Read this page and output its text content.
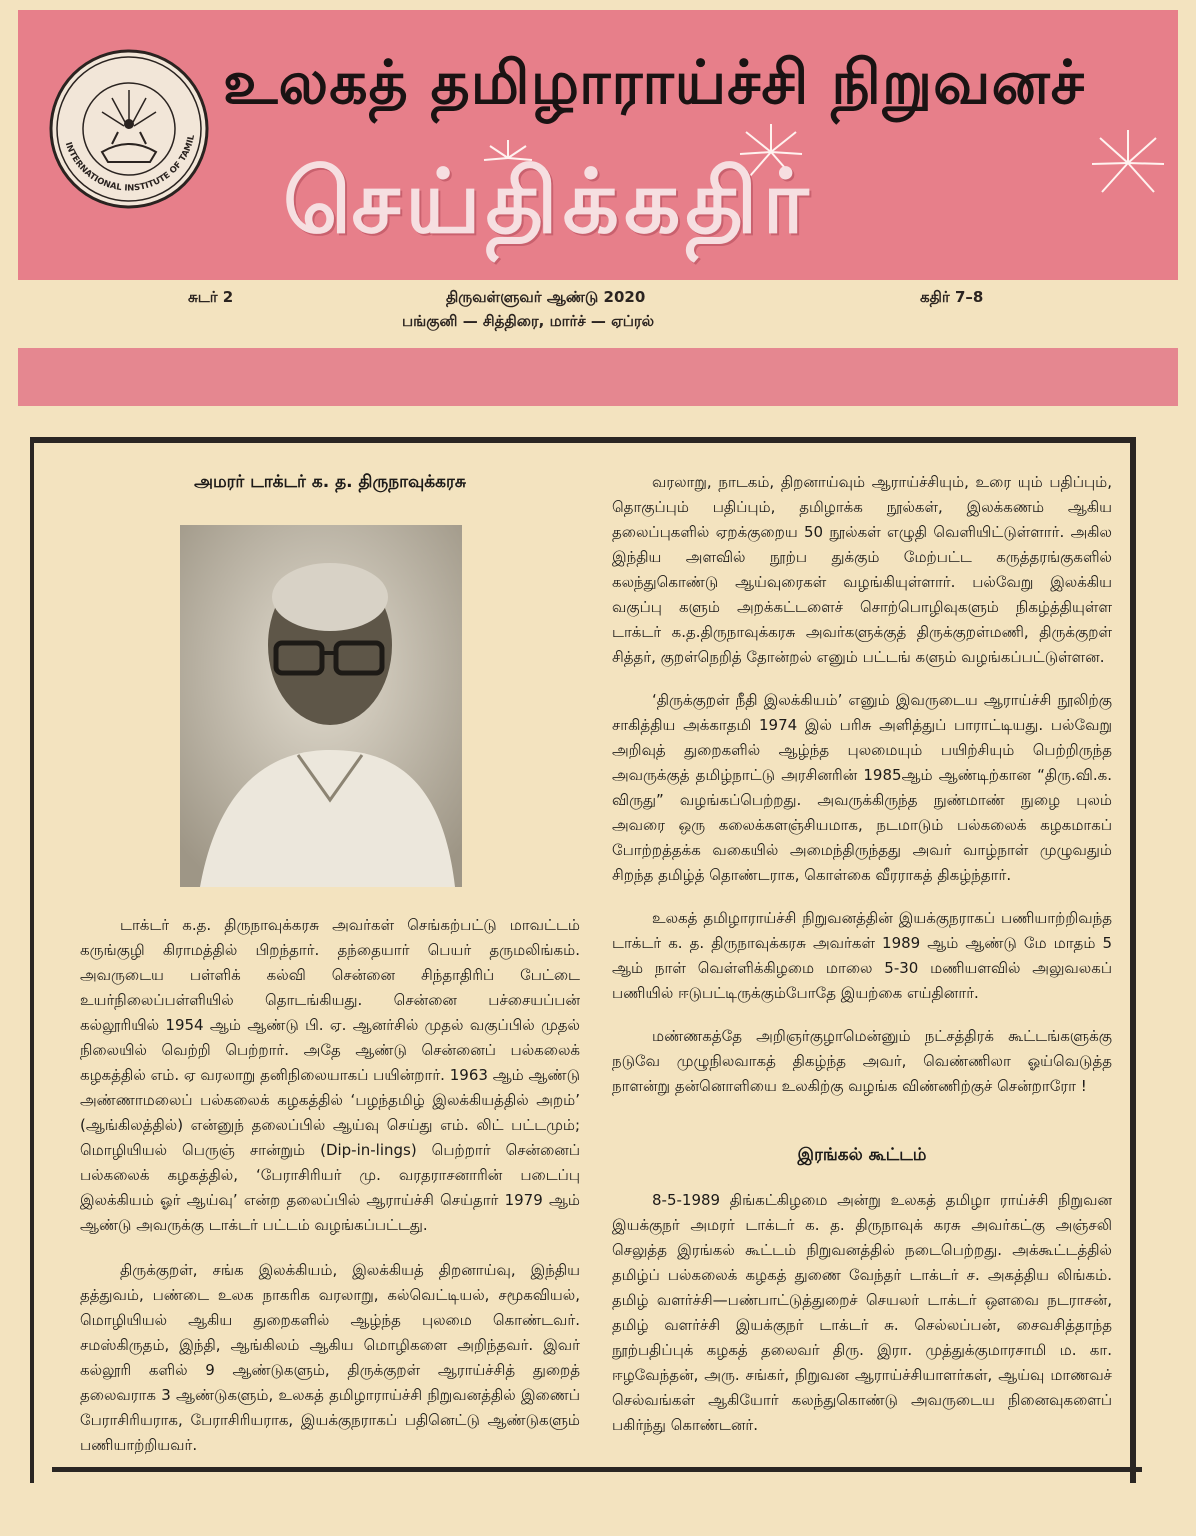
INTERNATIONAL INSTITUTE OF TAMIL
உலகத் தமிழாராய்ச்சி நிறுவனச்
செய்திக்கதிர்
சுடர் 2	திருவள்ளுவர் ஆண்டு 2020	கதிர் 7–8
பங்குனி — சித்திரை, மார்ச் — ஏப்ரல்
அமரர் டாக்டர் க. த. திருநாவுக்கரசு

டாக்டர் க.த. திருநாவுக்கரசு அவர்கள் செங்கற்பட்டு மாவட்டம் கருங்குழி கிராமத்தில் பிறந்தார். தந்தையார் பெயர் தருமலிங்கம். அவருடைய பள்ளிக் கல்வி சென்னை சிந்தாதிரிப் பேட்டை உயர்நிலைப்பள்ளியில் தொடங்கியது. சென்னை பச்சையப்பன் கல்லூரியில் 1954 ஆம் ஆண்டு பி. ஏ. ஆனர்சில் முதல் வகுப்பில் முதல் நிலையில் வெற்றி பெற்றார். அதே ஆண்டு சென்னைப் பல்கலைக் கழகத்தில் எம். ஏ வரலாறு தனிநிலையாகப் பயின்றார். 1963 ஆம் ஆண்டு அண்ணாமலைப் பல்கலைக் கழகத்தில் ‘பழந்தமிழ் இலக்கியத்தில் அறம்’ (ஆங்கிலத்தில்) என்னுந் தலைப்பில் ஆய்வு செய்து எம். லிட் பட்டமும்; மொழியியல் பெருஞ் சான்றும் (Dip-in-lings) பெற்றார் சென்னைப் பல்கலைக் கழகத்தில், ‘பேராசிரியர் மு. வரதராசனாரின் படைப்பு இலக்கியம் ஓர் ஆய்வு’ என்ற தலைப்பில் ஆராய்ச்சி செய்தார் 1979 ஆம் ஆண்டு அவருக்கு டாக்டர் பட்டம் வழங்கப்பட்டது.

திருக்குறள், சங்க இலக்கியம், இலக்கியத் திறனாய்வு, இந்திய தத்துவம், பண்டை உலக நாகரிக வரலாறு, கல்வெட்டியல், சமூகவியல், மொழியியல் ஆகிய துறைகளில் ஆழ்ந்த புலமை கொண்டவர். சமஸ்கிருதம், இந்தி, ஆங்கிலம் ஆகிய மொழிகளை அறிந்தவர். இவர் கல்லூரி களில் 9 ஆண்டுகளும், திருக்குறள் ஆராய்ச்சித் துறைத் தலைவராக 3 ஆண்டுகளும், உலகத் தமிழாராய்ச்சி நிறுவனத்தில் இணைப் பேராசிரியராக, பேராசிரியராக, இயக்குநராகப் பதினெட்டு ஆண்டுகளும் பணியாற்றியவர்.

வரலாறு, நாடகம், திறனாய்வும் ஆராய்ச்சியும், உரை யும் பதிப்பும், தொகுப்பும் பதிப்பும், தமிழாக்க நூல்கள், இலக்கணம் ஆகிய தலைப்புகளில் ஏறக்குறைய 50 நூல்கள் எழுதி வெளியிட்டுள்ளார். அகில இந்திய அளவில் நூற்ப துக்கும் மேற்பட்ட கருத்தரங்குகளில் கலந்துகொண்டு ஆய்வுரைகள் வழங்கியுள்ளார். பல்வேறு இலக்கிய வகுப்பு களும் அறக்கட்டளைச் சொற்பொழிவுகளும் நிகழ்த்தியுள்ள டாக்டர் க.த.திருநாவுக்கரசு அவர்களுக்குத் திருக்குறள்மணி, திருக்குறள் சித்தர், குறள்நெறித் தோன்றல் எனும் பட்டங் களும் வழங்கப்பட்டுள்ளன.

‘திருக்குறள் நீதி இலக்கியம்’ எனும் இவருடைய ஆராய்ச்சி நூலிற்கு சாகித்திய அக்காதமி 1974 இல் பரிசு அளித்துப் பாராட்டியது. பல்வேறு அறிவுத் துறைகளில் ஆழ்ந்த புலமையும் பயிற்சியும் பெற்றிருந்த அவருக்குத் தமிழ்நாட்டு அரசினரின் 1985ஆம் ஆண்டிற்கான “திரு.வி.க. விருது” வழங்கப்பெற்றது. அவருக்கிருந்த நுண்மாண் நுழை புலம் அவரை ஒரு கலைக்களஞ்சியமாக, நடமாடும் பல்கலைக் கழகமாகப் போற்றத்தக்க வகையில் அமைந்திருந்தது அவர் வாழ்நாள் முழுவதும் சிறந்த தமிழ்த் தொண்டராக, கொள்கை வீரராகத் திகழ்ந்தார்.

உலகத் தமிழாராய்ச்சி நிறுவனத்தின் இயக்குநராகப் பணியாற்றிவந்த டாக்டர் க. த. திருநாவுக்கரசு அவர்கள் 1989 ஆம் ஆண்டு மே மாதம் 5 ஆம் நாள் வெள்ளிக்கிழமை மாலை 5-30 மணியளவில் அலுவலகப் பணியில் ஈடுபட்டிருக்கும்போதே இயற்கை எய்தினார்.

மண்ணகத்தே அறிஞர்குழாமென்னும் நட்சத்திரக் கூட்டங்களுக்கு நடுவே முழுநிலவாகத் திகழ்ந்த அவர், வெண்ணிலா ஓய்வெடுத்த நாளன்று தன்னொளியை உலகிற்கு வழங்க விண்ணிற்குச் சென்றாரோ !

இரங்கல் கூட்டம்

8-5-1989 திங்கட்கிழமை அன்று உலகத் தமிழா ராய்ச்சி நிறுவன இயக்குநர் அமரர் டாக்டர் க. த. திருநாவுக் கரசு அவர்கட்கு அஞ்சலி செலுத்த இரங்கல் கூட்டம் நிறுவனத்தில் நடைபெற்றது. அக்கூட்டத்தில் தமிழ்ப் பல்கலைக் கழகத் துணை வேந்தர் டாக்டர் ச. அகத்திய லிங்கம். தமிழ் வளர்ச்சி—பண்பாட்டுத்துறைச் செயலர் டாக்டர் ஔவை நடராசன், தமிழ் வளர்ச்சி இயக்குநர் டாக்டர் சு. செல்லப்பன், சைவசித்தாந்த நூற்பதிப்புக் கழகத் தலைவர் திரு. இரா. முத்துக்குமாரசாமி ம. கா. ஈழவேந்தன், அரு. சங்கர், நிறுவன ஆராய்ச்சியாளர்கள், ஆய்வு மாணவச் செல்வங்கள் ஆகியோர் கலந்துகொண்டு அவருடைய நினைவுகளைப் பகிர்ந்து கொண்டனர்.
